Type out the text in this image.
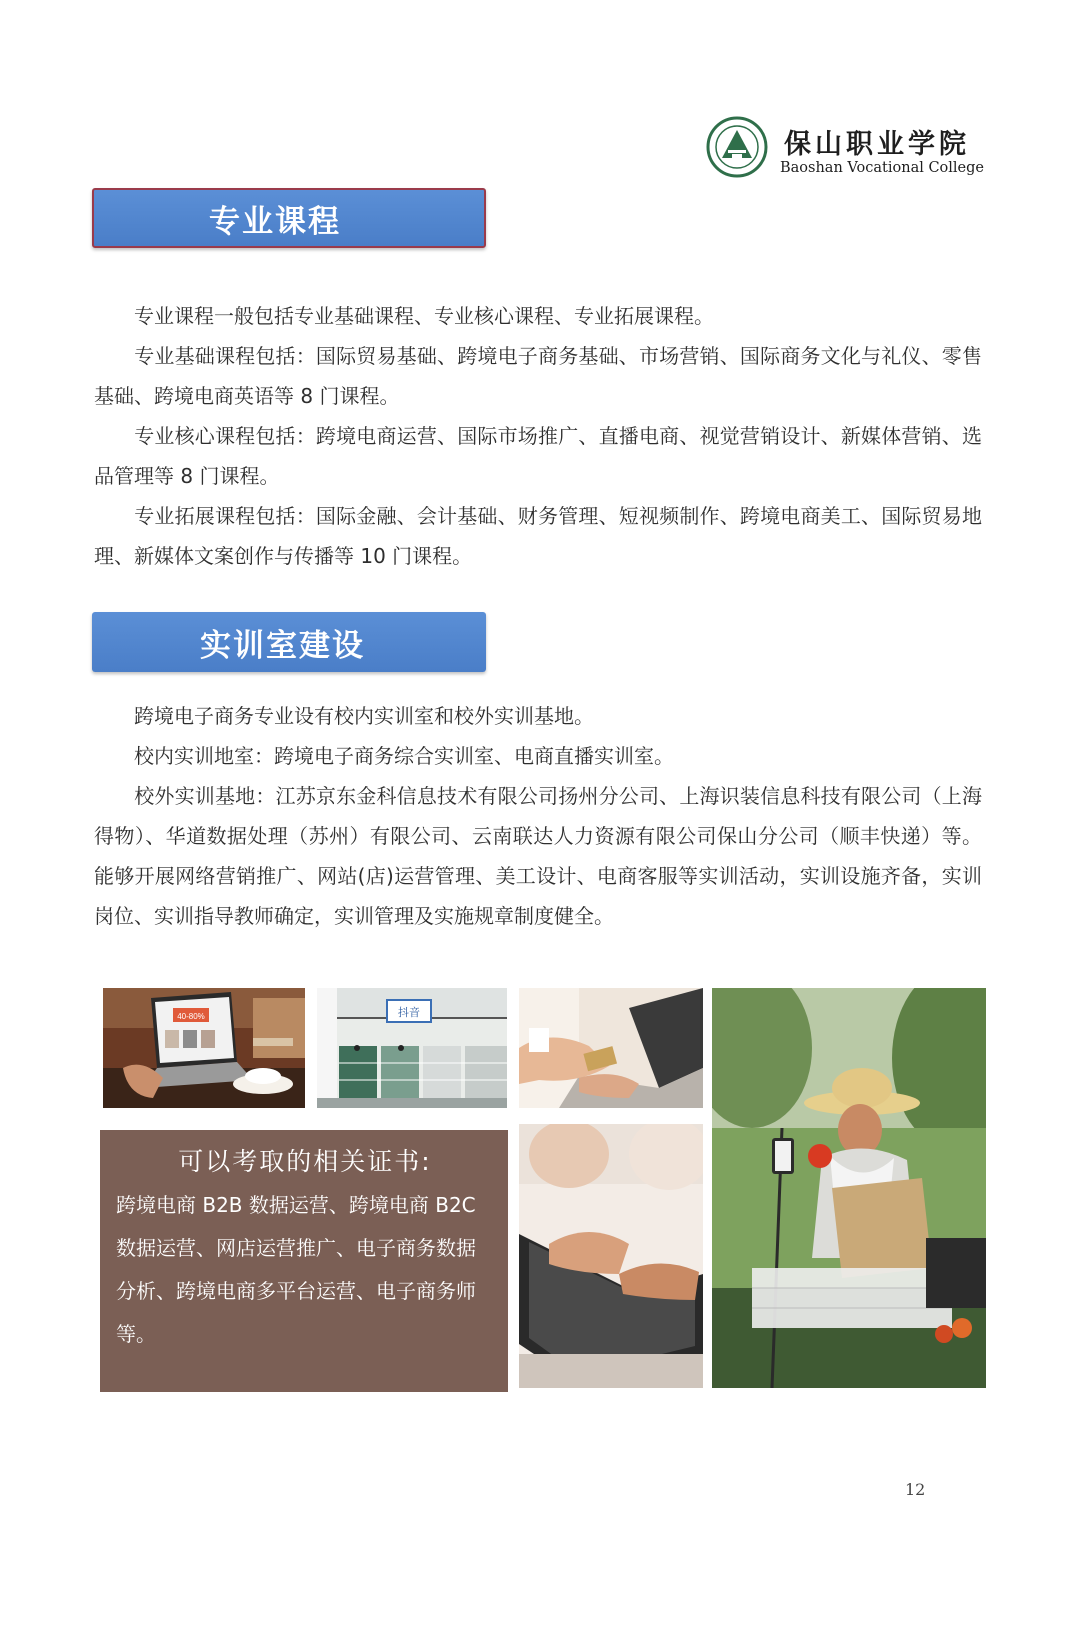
保山职业学院
Baoshan Vocational College
专业课程
专业课程一般包括专业基础课程、专业核心课程、专业拓展课程。
专业基础课程包括：国际贸易基础、跨境电子商务基础、市场营销、国际商务文化与礼仪、零售基础、跨境电商英语等 8 门课程。
专业核心课程包括：跨境电商运营、国际市场推广、直播电商、视觉营销设计、新媒体营销、选品管理等 8 门课程。
专业拓展课程包括：国际金融、会计基础、财务管理、短视频制作、跨境电商美工、国际贸易地理、新媒体文案创作与传播等 10 门课程。
实训室建设
跨境电子商务专业设有校内实训室和校外实训基地。
校内实训地室：跨境电子商务综合实训室、电商直播实训室。
校外实训基地：江苏京东金科信息技术有限公司扬州分公司、上海识装信息科技有限公司（上海得物）、华道数据处理（苏州）有限公司、云南联达人力资源有限公司保山分公司（顺丰快递）等。能够开展网络营销推广、网站(店)运营管理、美工设计、电商客服等实训活动，实训设施齐备，实训岗位、实训指导教师确定，实训管理及实施规章制度健全。
40-80%	抖音
可以考取的相关证书:
跨境电商 B2B 数据运营、跨境电商 B2C 数据运营、网店运营推广、电子商务数据分析、跨境电商多平台运营、电子商务师等。
12
